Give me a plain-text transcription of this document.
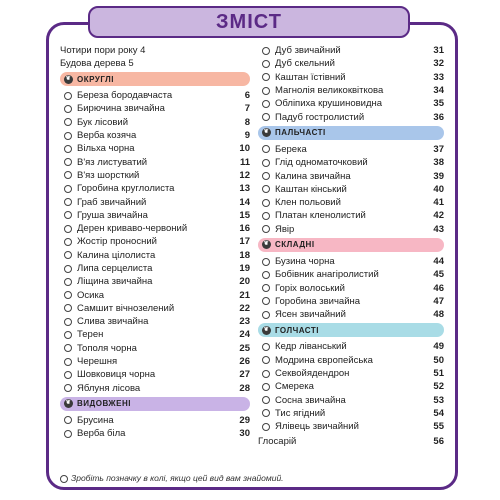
ЗМІСТ
Чотири пори року 4
Будова дерева 5
❦ ОКРУГЛІ
Береза бородавчаста	6
Бирючина звичайна	7
Бук лісовий	8
Верба козяча	9
Вільха чорна	10
В'яз листуватий	11
В'яз шорсткий	12
Горобина круглолиста	13
Граб звичайний	14
Груша звичайна	15
Дерен криваво-червоний	16
Жостір проносний	17
Калина цілолиста	18
Липа серцелиста	19
Ліщина звичайна	20
Осика	21
Самшит вічнозелений	22
Слива звичайна	23
Терен	24
Тополя чорна	25
Черешня	26
Шовковиця чорна	27
Яблуня лісова	28
❦ ВИДОВЖЕНІ
Брусина	29
Верба біла	30
Дуб звичайний	31
Дуб скельний	32
Каштан їстівний	33
Магнолія великоквіткова	34
Обліпиха крушиновидна	35
Падуб гостролистий	36
❦ ПАЛЬЧАСТІ
Берека	37
Глід одноматочковий	38
Калина звичайна	39
Каштан кінський	40
Клен польовий	41
Платан кленолистий	42
Явір	43
❦ СКЛАДНІ
Бузина чорна	44
Бобівник анагіролистий	45
Горіх волоський	46
Горобина звичайна	47
Ясен звичайний	48
❦ ГОЛЧАСТІ
Кедр ліванський	49
Модрина європейська	50
Секвойядендрон	51
Смерека	52
Сосна звичайна	53
Тис ягідний	54
Ялівець звичайний	55
Глосарій	56
Зробіть позначку в колі, якщо цей вид вам знайомий.
